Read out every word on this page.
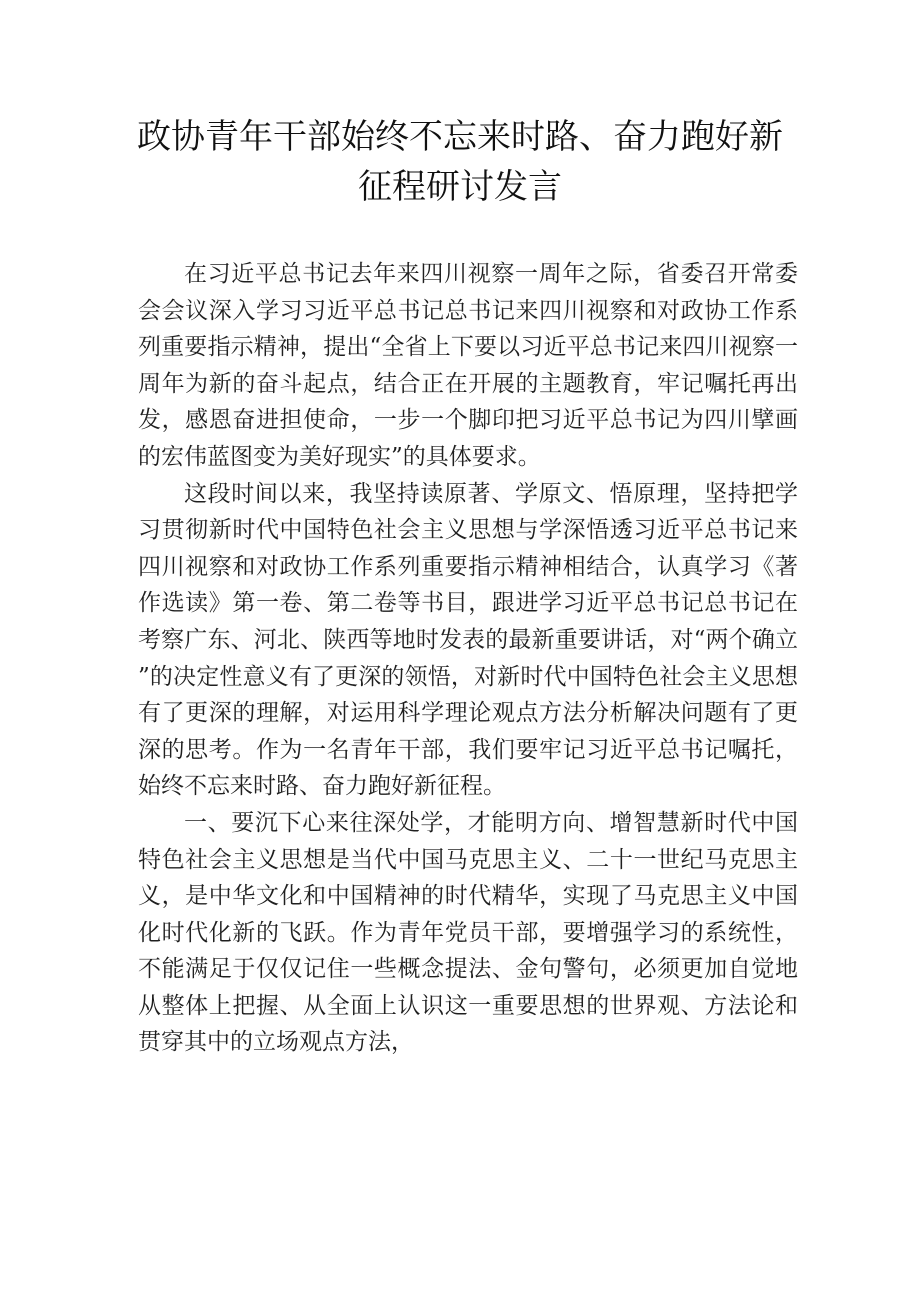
政协青年干部始终不忘来时路、奋力跑好新
征程研讨发言

在习近平总书记去年来四川视察一周年之际，省委召开常委会会议深入学习习近平总书记总书记来四川视察和对政协工作系列重要指示精神，提出“全省上下要以习近平总书记来四川视察一周年为新的奋斗起点，结合正在开展的主题教育，牢记嘱托再出发，感恩奋进担使命，一步一个脚印把习近平总书记为四川擘画的宏伟蓝图变为美好现实”的具体要求。

这段时间以来，我坚持读原著、学原文、悟原理，坚持把学习贯彻新时代中国特色社会主义思想与学深悟透习近平总书记来四川视察和对政协工作系列重要指示精神相结合，认真学习《著作选读》第一卷、第二卷等书目，跟进学习近平总书记总书记在考察广东、河北、陕西等地时发表的最新重要讲话，对“两个确立”的决定性意义有了更深的领悟，对新时代中国特色社会主义思想有了更深的理解，对运用科学理论观点方法分析解决问题有了更深的思考。作为一名青年干部，我们要牢记习近平总书记嘱托，始终不忘来时路、奋力跑好新征程。

一、要沉下心来往深处学，才能明方向、增智慧新时代中国特色社会主义思想是当代中国马克思主义、二十一世纪马克思主义，是中华文化和中国精神的时代精华，实现了马克思主义中国化时代化新的飞跃。作为青年党员干部，要增强学习的系统性，不能满足于仅仅记住一些概念提法、金句警句，必须更加自觉地从整体上把握、从全面上认识这一重要思想的世界观、方法论和贯穿其中的立场观点方法，
